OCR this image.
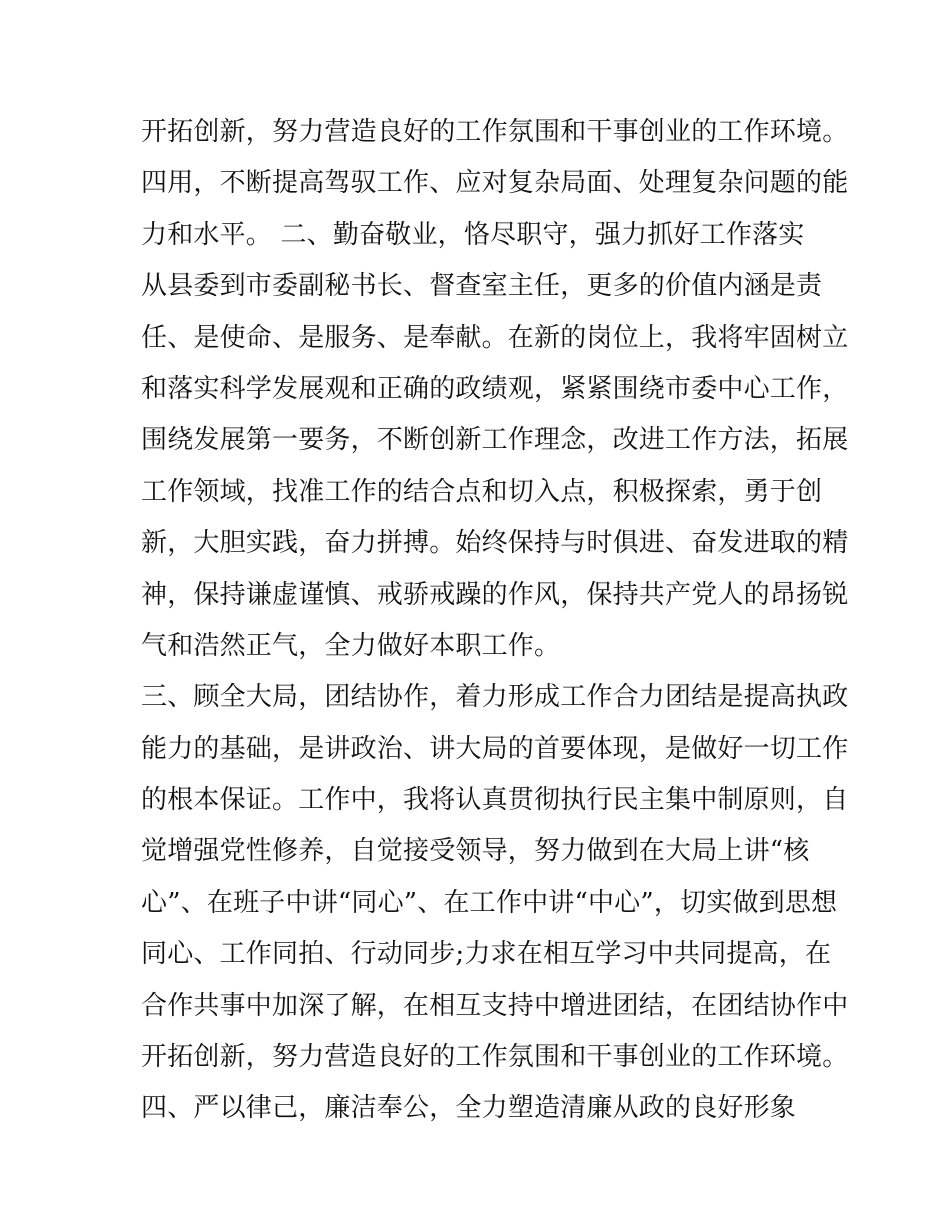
开拓创新，努力营造良好的工作氛围和干事创业的工作环境。
四用，不断提高驾驭工作、应对复杂局面、处理复杂问题的能
力和水平。 二、勤奋敬业，恪尽职守，强力抓好工作落实
从县委到市委副秘书长、督查室主任，更多的价值内涵是责
任、是使命、是服务、是奉献。在新的岗位上，我将牢固树立
和落实科学发展观和正确的政绩观，紧紧围绕市委中心工作，
围绕发展第一要务，不断创新工作理念，改进工作方法，拓展
工作领域，找准工作的结合点和切入点，积极探索，勇于创
新，大胆实践，奋力拼搏。始终保持与时俱进、奋发进取的精
神，保持谦虚谨慎、戒骄戒躁的作风，保持共产党人的昂扬锐
气和浩然正气，全力做好本职工作。
三、顾全大局，团结协作，着力形成工作合力团结是提高执政
能力的基础，是讲政治、讲大局的首要体现，是做好一切工作
的根本保证。工作中，我将认真贯彻执行民主集中制原则，自
觉增强党性修养，自觉接受领导，努力做到在大局上讲“核
心”、在班子中讲“同心”、在工作中讲“中心”，切实做到思想
同心、工作同拍、行动同步;力求在相互学习中共同提高，在
合作共事中加深了解，在相互支持中增进团结，在团结协作中
开拓创新，努力营造良好的工作氛围和干事创业的工作环境。
四、严以律己，廉洁奉公，全力塑造清廉从政的良好形象
